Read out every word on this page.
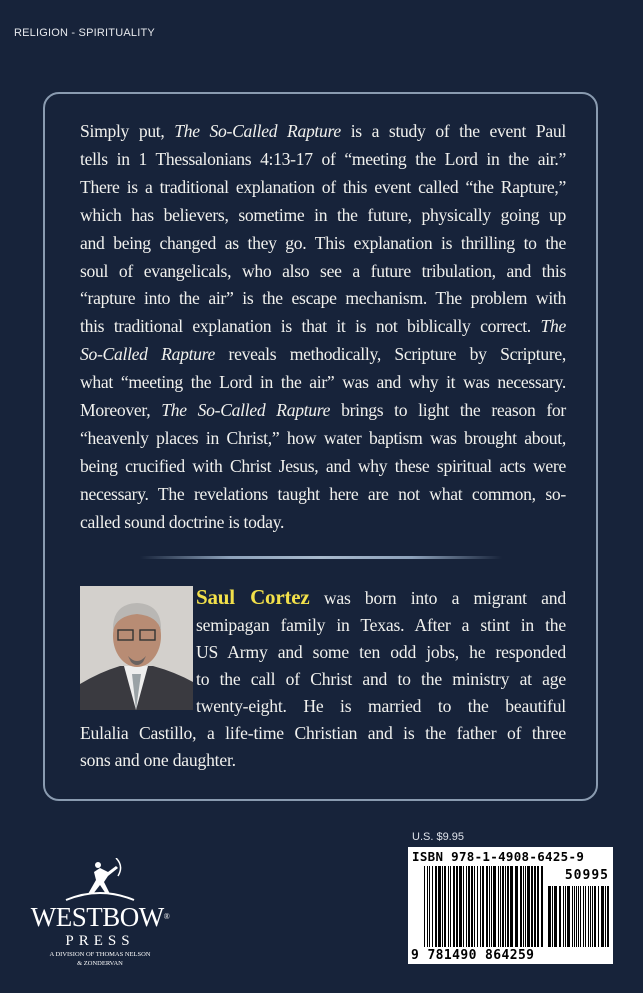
RELIGION - SPIRITUALITY
Simply put, The So-Called Rapture is a study of the event Paul
tells in 1 Thessalonians 4:13-17 of “meeting the Lord in the air.”
There is a traditional explanation of this event called “the Rapture,”
which has believers, sometime in the future, physically going up
and being changed as they go. This explanation is thrilling to the
soul of evangelicals, who also see a future tribulation, and this
“rapture into the air” is the escape mechanism. The problem with
this traditional explanation is that it is not biblically correct. The
So-Called Rapture reveals methodically, Scripture by Scripture,
what “meeting the Lord in the air” was and why it was necessary.
Moreover, The So-Called Rapture brings to light the reason for
“heavenly places in Christ,” how water baptism was brought about,
being crucified with Christ Jesus, and why these spiritual acts were
necessary. The revelations taught here are not what common, so-
called sound doctrine is today.
Saul Cortez was born into a migrant and
semipagan family in Texas. After a stint in the
US Army and some ten odd jobs, he responded
to the call of Christ and to the ministry at age
twenty-eight. He is married to the beautiful
Eulalia Castillo, a life-time Christian and is the father of three
sons and one daughter.
WESTBOW®
PRESS
A DIVISION OF THOMAS NELSON
& ZONDERVAN
U.S. $9.95
ISBN 978-1-4908-6425-9
50995
9 781490 864259
